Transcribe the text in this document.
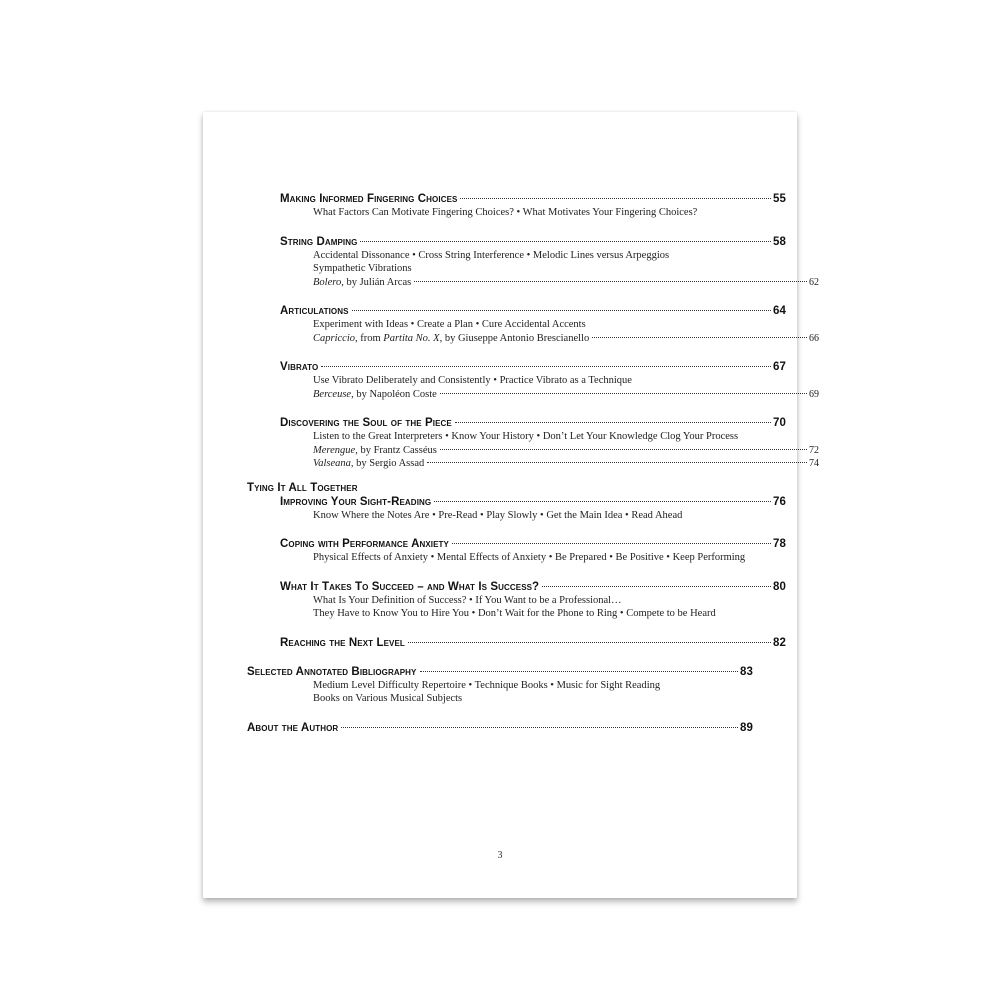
Making Informed Fingering Choices	55
What Factors Can Motivate Fingering Choices? • What Motivates Your Fingering Choices?
String Damping	58
Accidental Dissonance • Cross String Interference • Melodic Lines versus Arpeggios
Sympathetic Vibrations
Bolero, by Julián Arcas	62
Articulations	64
Experiment with Ideas • Create a Plan • Cure Accidental Accents
Capriccio, from Partita No. X, by Giuseppe Antonio Brescianello	66
Vibrato	67
Use Vibrato Deliberately and Consistently • Practice Vibrato as a Technique
Berceuse, by Napoléon Coste	69
Discovering the Soul of the Piece	70
Listen to the Great Interpreters • Know Your History • Don’t Let Your Knowledge Clog Your Process
Merengue, by Frantz Casséus	72
Valseana, by Sergio Assad	74
Tying It All Together
Improving Your Sight-Reading	76
Know Where the Notes Are • Pre-Read • Play Slowly • Get the Main Idea • Read Ahead
Coping with Performance Anxiety	78
Physical Effects of Anxiety • Mental Effects of Anxiety • Be Prepared • Be Positive • Keep Performing
What It Takes To Succeed – and What Is Success?	80
What Is Your Definition of Success? • If You Want to be a Professional…
They Have to Know You to Hire You • Don’t Wait for the Phone to Ring • Compete to be Heard
Reaching the Next Level	82
Selected Annotated Bibliography	83
Medium Level Difficulty Repertoire • Technique Books • Music for Sight Reading
Books on Various Musical Subjects
About the Author	89
3
